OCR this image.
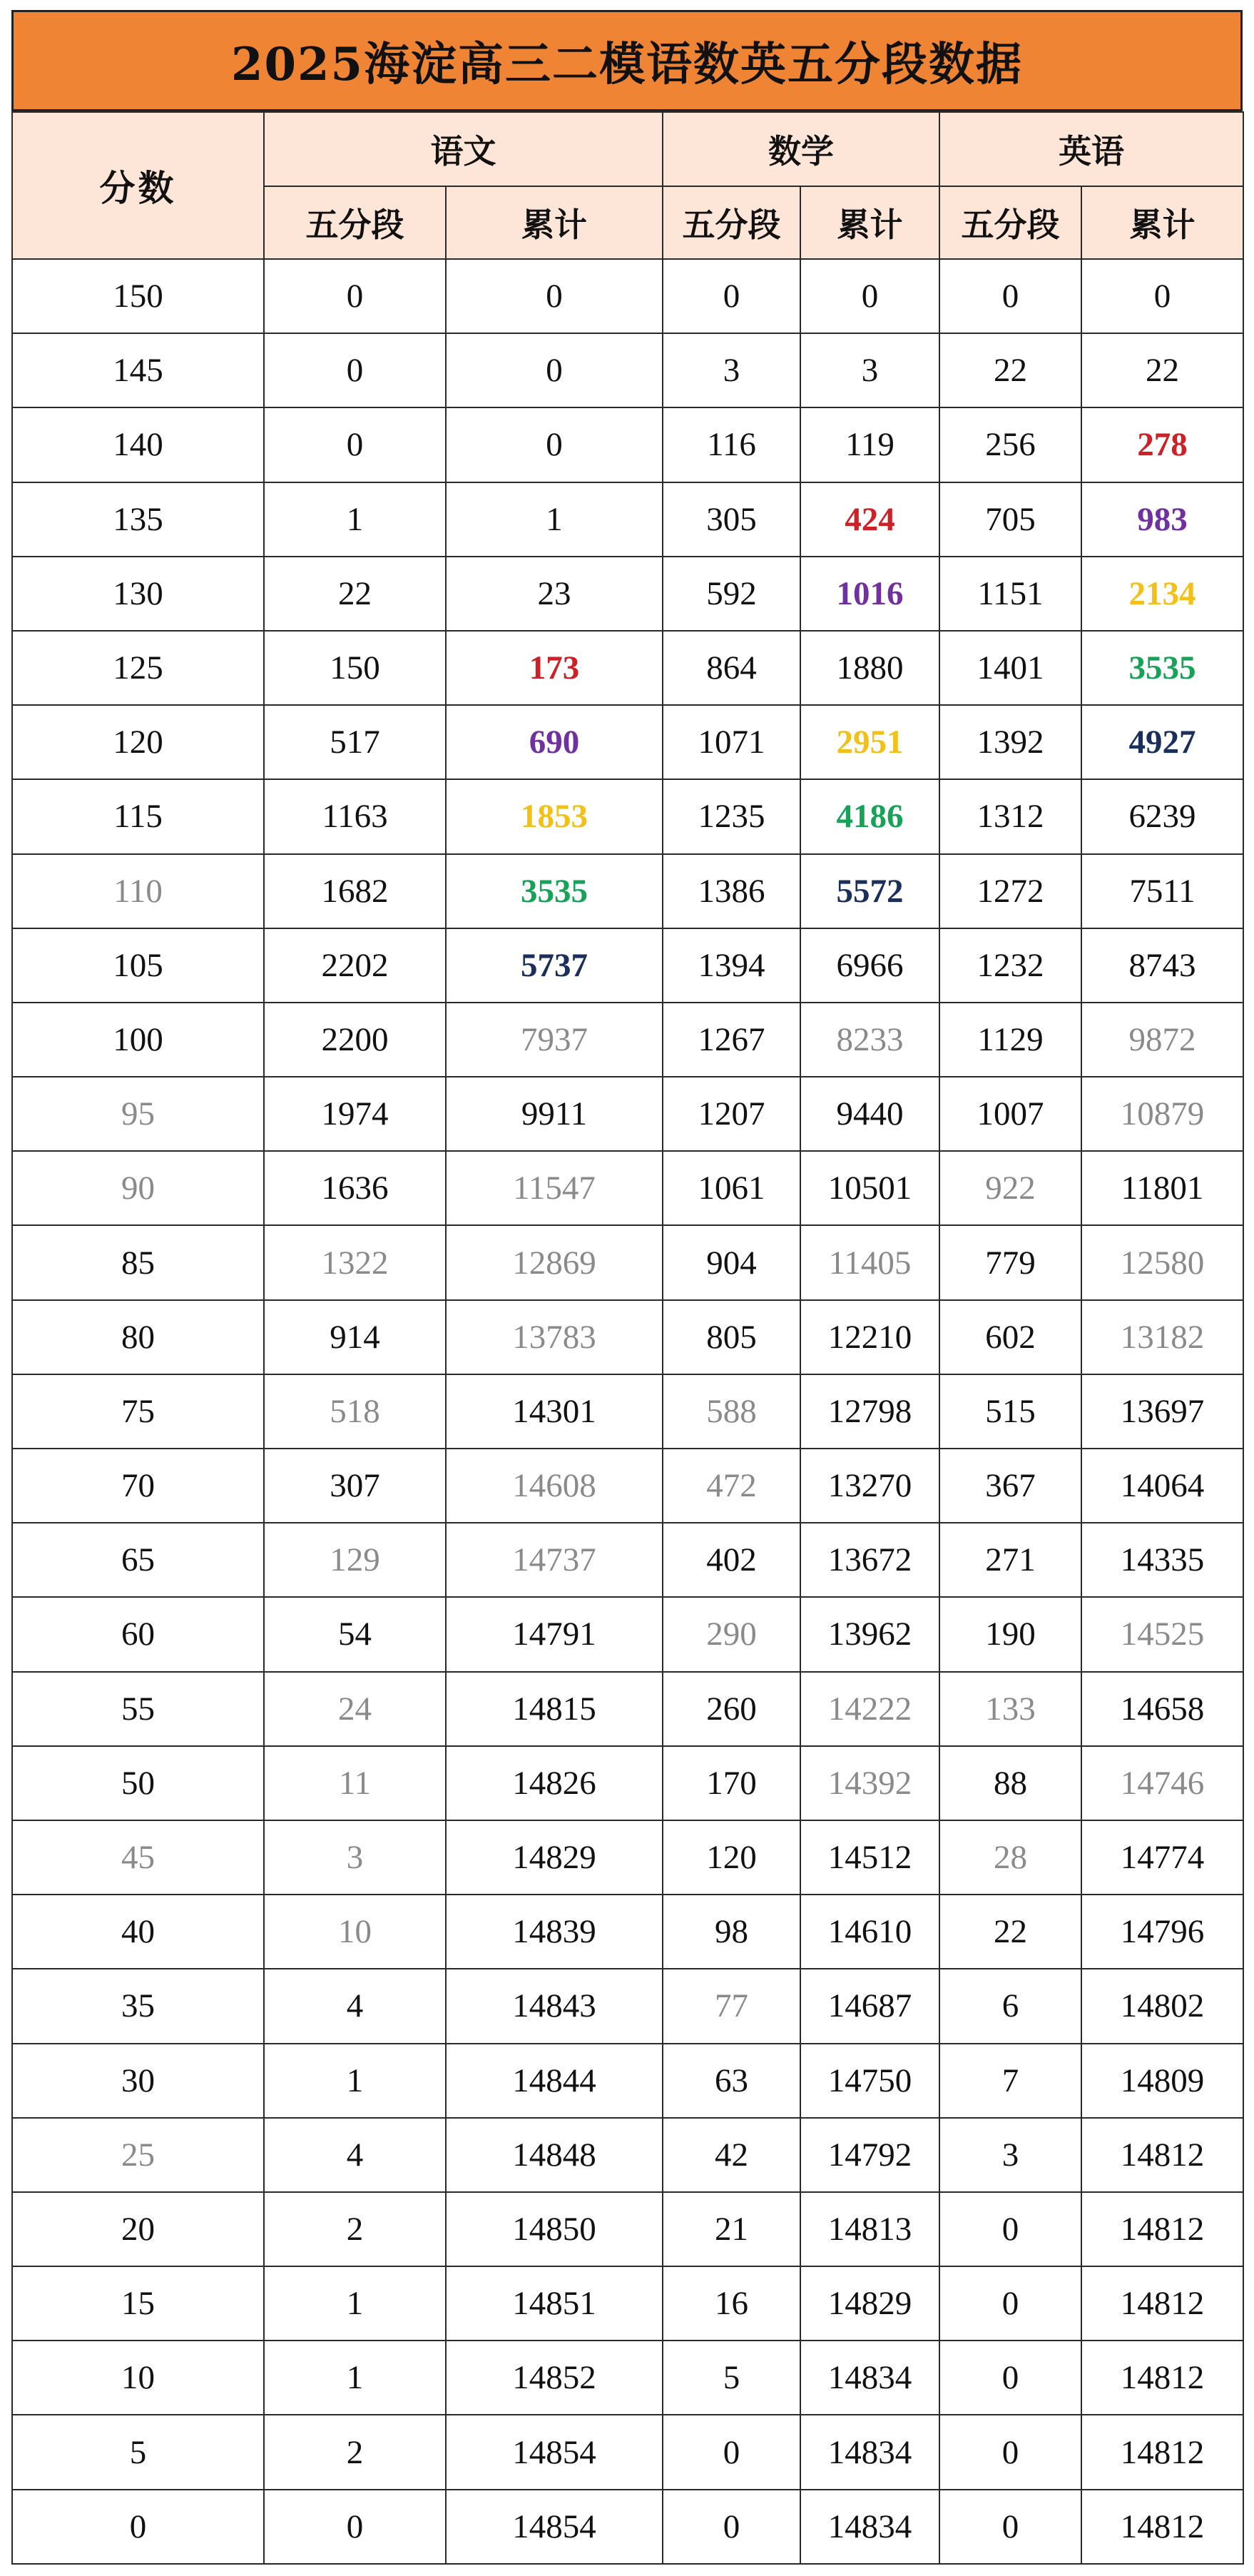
2025海淀高三二模语数英五分段数据
分数	语文		数学		英语	
	五分段	累计	五分段	累计	五分段	累计
150	0	0	0	0	0	0
145	0	0	3	3	22	22
140	0	0	116	119	256	278
135	1	1	305	424	705	983
130	22	23	592	1016	1151	2134
125	150	173	864	1880	1401	3535
120	517	690	1071	2951	1392	4927
115	1163	1853	1235	4186	1312	6239
110	1682	3535	1386	5572	1272	7511
105	2202	5737	1394	6966	1232	8743
100	2200	7937	1267	8233	1129	9872
95	1974	9911	1207	9440	1007	10879
90	1636	11547	1061	10501	922	11801
85	1322	12869	904	11405	779	12580
80	914	13783	805	12210	602	13182
75	518	14301	588	12798	515	13697
70	307	14608	472	13270	367	14064
65	129	14737	402	13672	271	14335
60	54	14791	290	13962	190	14525
55	24	14815	260	14222	133	14658
50	11	14826	170	14392	88	14746
45	3	14829	120	14512	28	14774
40	10	14839	98	14610	22	14796
35	4	14843	77	14687	6	14802
30	1	14844	63	14750	7	14809
25	4	14848	42	14792	3	14812
20	2	14850	21	14813	0	14812
15	1	14851	16	14829	0	14812
10	1	14852	5	14834	0	14812
5	2	14854	0	14834	0	14812
0	0	14854	0	14834	0	14812
